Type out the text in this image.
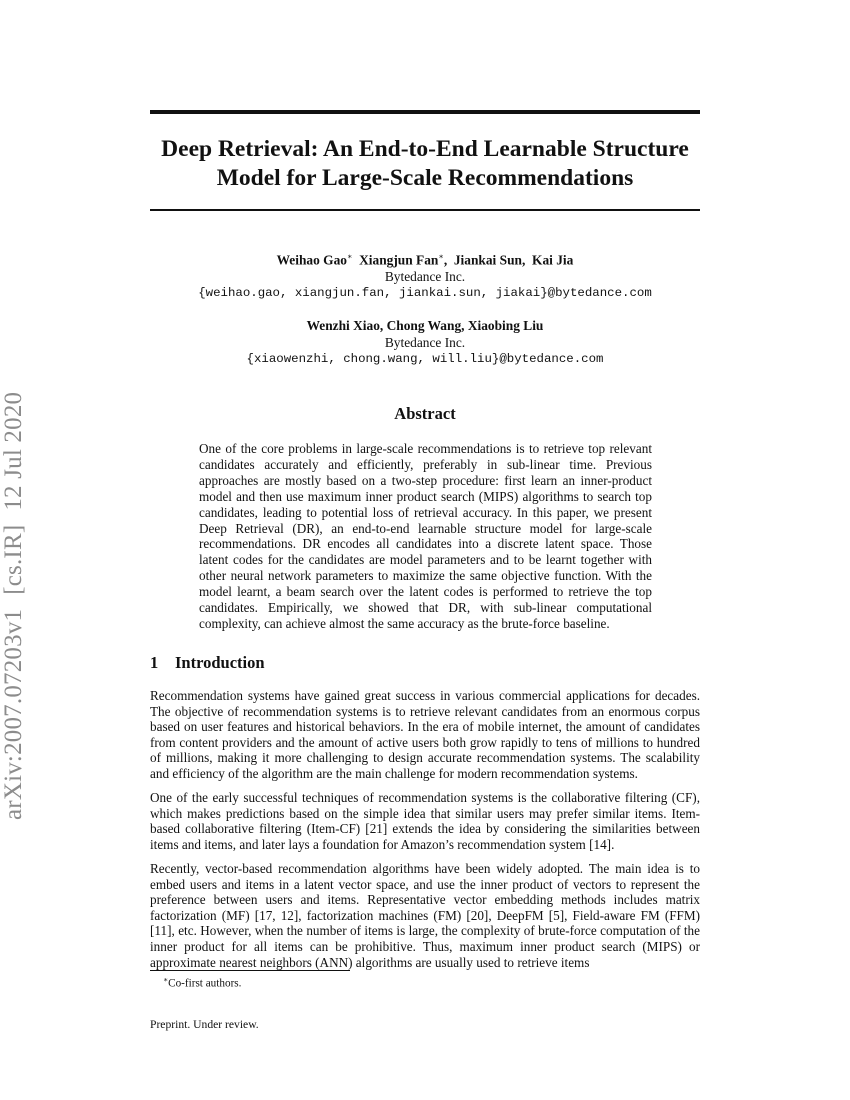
arXiv:2007.07203v1[cs.IR]12 Jul 2020
Deep Retrieval: An End-to-End Learnable Structure
Model for Large-Scale Recommendations
Weihao Gao∗ Xiangjun Fan∗,  Jiankai Sun,  Kai Jia
Bytedance Inc.
{weihao.gao, xiangjun.fan, jiankai.sun, jiakai}@bytedance.com
Wenzhi Xiao, Chong Wang, Xiaobing Liu
Bytedance Inc.
{xiaowenzhi, chong.wang, will.liu}@bytedance.com
Abstract
One of the core problems in large-scale recommendations is to retrieve top relevant candidates accurately and efficiently, preferably in sub-linear time. Previous approaches are mostly based on a two-step procedure: first learn an inner-product model and then use maximum inner product search (MIPS) algorithms to search top candidates, leading to potential loss of retrieval accuracy. In this paper, we present Deep Retrieval (DR), an end-to-end learnable structure model for large-scale recommendations. DR encodes all candidates into a discrete latent space. Those latent codes for the candidates are model parameters and to be learnt together with other neural network parameters to maximize the same objective function. With the model learnt, a beam search over the latent codes is performed to retrieve the top candidates. Empirically, we showed that DR, with sub-linear computational complexity, can achieve almost the same accuracy as the brute-force baseline.
1 Introduction

Recommendation systems have gained great success in various commercial applications for decades. The objective of recommendation systems is to retrieve relevant candidates from an enormous corpus based on user features and historical behaviors. In the era of mobile internet, the amount of candidates from content providers and the amount of active users both grow rapidly to tens of millions to hundred of millions, making it more challenging to design accurate recommendation systems. The scalability and efficiency of the algorithm are the main challenge for modern recommendation systems.

One of the early successful techniques of recommendation systems is the collaborative filtering (CF), which makes predictions based on the simple idea that similar users may prefer similar items. Item-based collaborative filtering (Item-CF) [21] extends the idea by considering the similarities between items and items, and later lays a foundation for Amazon’s recommendation system [14].

Recently, vector-based recommendation algorithms have been widely adopted. The main idea is to embed users and items in a latent vector space, and use the inner product of vectors to represent the preference between users and items. Representative vector embedding methods includes matrix factorization (MF) [17, 12], factorization machines (FM) [20], DeepFM [5], Field-aware FM (FFM) [11], etc. However, when the number of items is large, the complexity of brute-force computation of the inner product for all items can be prohibitive. Thus, maximum inner product search (MIPS) or approximate nearest neighbors (ANN) algorithms are usually used to retrieve items

∗Co-first authors.
Preprint. Under review.
